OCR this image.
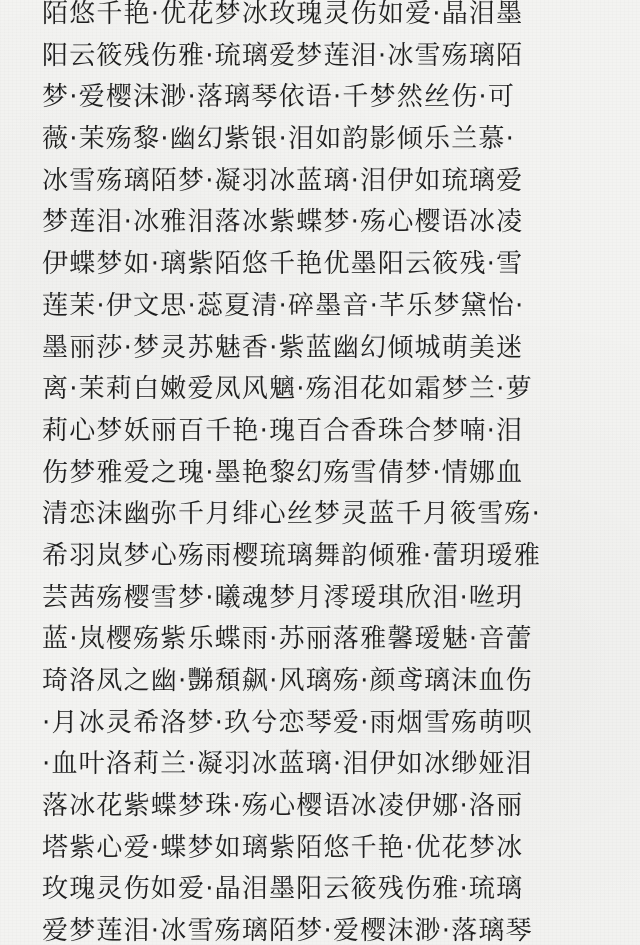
陌悠千艳·优花梦冰玫瑰灵伤如爱·晶泪墨
阳云筱残伤雅·琉璃爱梦莲泪·冰雪殇璃陌
梦·爱樱沫渺·落璃琴依语·千梦然丝伤·可
薇·茉殇黎·幽幻紫银·泪如韵影倾乐兰慕·
冰雪殇璃陌梦·凝羽冰蓝璃·泪伊如琉璃爱
梦莲泪·冰雅泪落冰紫蝶梦·殇心樱语冰凌
伊蝶梦如·璃紫陌悠千艳优墨阳云筱残·雪
莲茉·伊文思·蕊夏清·碎墨音·芊乐梦黛怡·
墨丽莎·梦灵苏魅香·紫蓝幽幻倾城萌美迷
离·茉莉白嫩爱凤风魑·殇泪花如霜梦兰·萝
莉心梦妖丽百千艳·瑰百合香珠合梦喃·泪
伤梦雅爱之瑰·墨艳黎幻殇雪倩梦·情娜血
清恋沫幽弥千月绯心丝梦灵蓝千月筱雪殇·
希羽岚梦心殇雨樱琉璃舞韵倾雅·蕾玥瑷雅
芸茜殇樱雪梦·曦魂梦月澪瑷琪欣泪·咝玥
蓝·岚樱殇紫乐蝶雨·苏丽落雅馨瑷魅·音蕾
琦洛凤之幽·豒頹飙·风璃殇·颜鸢璃沫血伤
·月冰灵希洛梦·玖兮恋琴爱·雨烟雪殇萌呗
·血叶洛莉兰·凝羽冰蓝璃·泪伊如冰缈娅泪
落冰花紫蝶梦珠·殇心樱语冰凌伊娜·洛丽
塔紫心爱·蝶梦如璃紫陌悠千艳·优花梦冰
玫瑰灵伤如爱·晶泪墨阳云筱残伤雅·琉璃
爱梦莲泪·冰雪殇璃陌梦·爱樱沫渺·落璃琴
